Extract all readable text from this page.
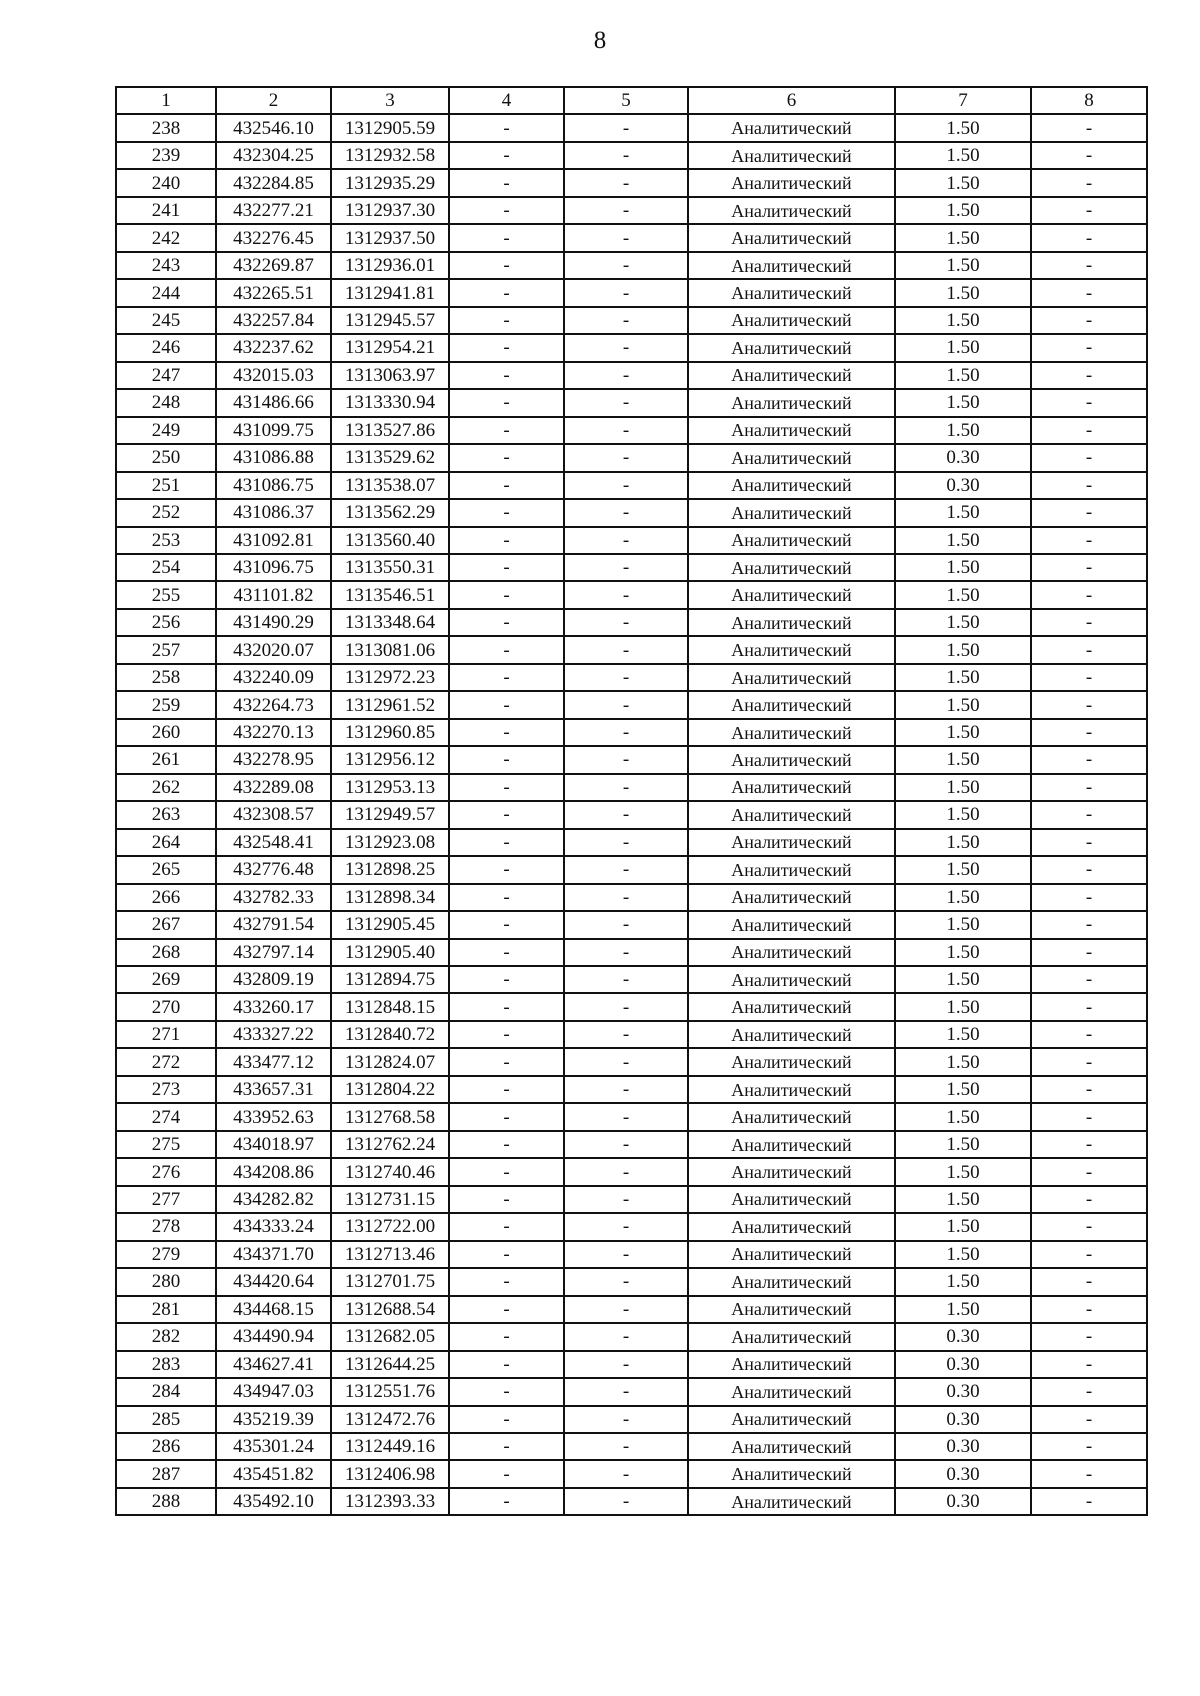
8
1	2	3	4	5	6	7	8
238	432546.10	1312905.59	-	-	Аналитический	1.50	-
239	432304.25	1312932.58	-	-	Аналитический	1.50	-
240	432284.85	1312935.29	-	-	Аналитический	1.50	-
241	432277.21	1312937.30	-	-	Аналитический	1.50	-
242	432276.45	1312937.50	-	-	Аналитический	1.50	-
243	432269.87	1312936.01	-	-	Аналитический	1.50	-
244	432265.51	1312941.81	-	-	Аналитический	1.50	-
245	432257.84	1312945.57	-	-	Аналитический	1.50	-
246	432237.62	1312954.21	-	-	Аналитический	1.50	-
247	432015.03	1313063.97	-	-	Аналитический	1.50	-
248	431486.66	1313330.94	-	-	Аналитический	1.50	-
249	431099.75	1313527.86	-	-	Аналитический	1.50	-
250	431086.88	1313529.62	-	-	Аналитический	0.30	-
251	431086.75	1313538.07	-	-	Аналитический	0.30	-
252	431086.37	1313562.29	-	-	Аналитический	1.50	-
253	431092.81	1313560.40	-	-	Аналитический	1.50	-
254	431096.75	1313550.31	-	-	Аналитический	1.50	-
255	431101.82	1313546.51	-	-	Аналитический	1.50	-
256	431490.29	1313348.64	-	-	Аналитический	1.50	-
257	432020.07	1313081.06	-	-	Аналитический	1.50	-
258	432240.09	1312972.23	-	-	Аналитический	1.50	-
259	432264.73	1312961.52	-	-	Аналитический	1.50	-
260	432270.13	1312960.85	-	-	Аналитический	1.50	-
261	432278.95	1312956.12	-	-	Аналитический	1.50	-
262	432289.08	1312953.13	-	-	Аналитический	1.50	-
263	432308.57	1312949.57	-	-	Аналитический	1.50	-
264	432548.41	1312923.08	-	-	Аналитический	1.50	-
265	432776.48	1312898.25	-	-	Аналитический	1.50	-
266	432782.33	1312898.34	-	-	Аналитический	1.50	-
267	432791.54	1312905.45	-	-	Аналитический	1.50	-
268	432797.14	1312905.40	-	-	Аналитический	1.50	-
269	432809.19	1312894.75	-	-	Аналитический	1.50	-
270	433260.17	1312848.15	-	-	Аналитический	1.50	-
271	433327.22	1312840.72	-	-	Аналитический	1.50	-
272	433477.12	1312824.07	-	-	Аналитический	1.50	-
273	433657.31	1312804.22	-	-	Аналитический	1.50	-
274	433952.63	1312768.58	-	-	Аналитический	1.50	-
275	434018.97	1312762.24	-	-	Аналитический	1.50	-
276	434208.86	1312740.46	-	-	Аналитический	1.50	-
277	434282.82	1312731.15	-	-	Аналитический	1.50	-
278	434333.24	1312722.00	-	-	Аналитический	1.50	-
279	434371.70	1312713.46	-	-	Аналитический	1.50	-
280	434420.64	1312701.75	-	-	Аналитический	1.50	-
281	434468.15	1312688.54	-	-	Аналитический	1.50	-
282	434490.94	1312682.05	-	-	Аналитический	0.30	-
283	434627.41	1312644.25	-	-	Аналитический	0.30	-
284	434947.03	1312551.76	-	-	Аналитический	0.30	-
285	435219.39	1312472.76	-	-	Аналитический	0.30	-
286	435301.24	1312449.16	-	-	Аналитический	0.30	-
287	435451.82	1312406.98	-	-	Аналитический	0.30	-
288	435492.10	1312393.33	-	-	Аналитический	0.30	-
